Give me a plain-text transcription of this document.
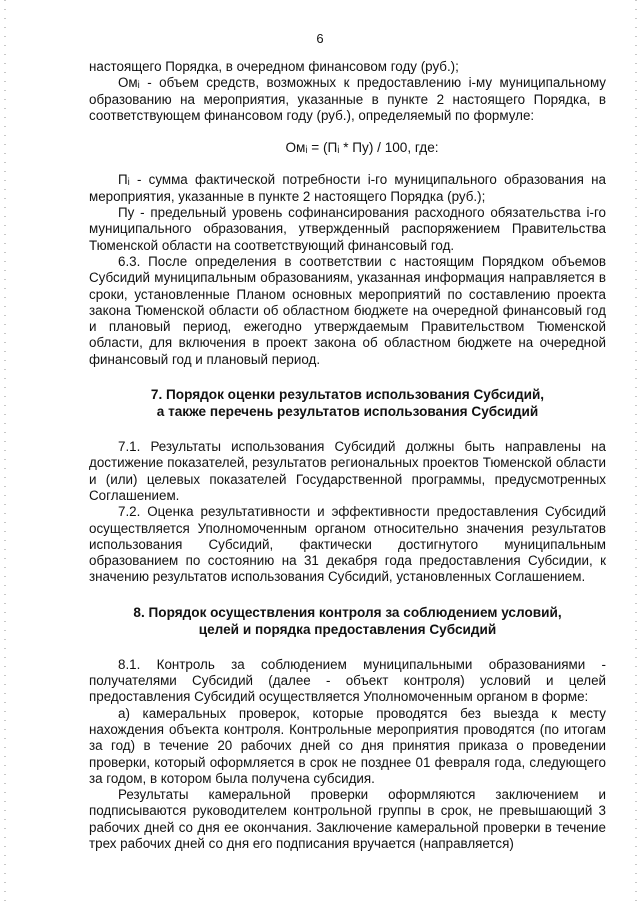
6

настоящего Порядка, в очередном финансовом году (руб.);

Омᵢ - объем средств, возможных к предоставлению i-му муниципальному образованию на мероприятия, указанные в пункте 2 настоящего Порядка, в соответствующем финансовом году (руб.), определяемый по формуле:

Омᵢ = (Пᵢ * Пу) / 100, где:

Пᵢ - сумма фактической потребности i-го муниципального образования на мероприятия, указанные в пункте 2 настоящего Порядка (руб.);

Пу - предельный уровень софинансирования расходного обязательства i-го муниципального образования, утвержденный распоряжением Правительства Тюменской области на соответствующий финансовый год.

6.3. После определения в соответствии с настоящим Порядком объемов Субсидий муниципальным образованиям, указанная информация направляется в сроки, установленные Планом основных мероприятий по составлению проекта закона Тюменской области об областном бюджете на очередной финансовый год и плановый период, ежегодно утверждаемым Правительством Тюменской области, для включения в проект закона об областном бюджете на очередной финансовый год и плановый период.

7. Порядок оценки результатов использования Субсидий,
а также перечень результатов использования Субсидий

7.1. Результаты использования Субсидий должны быть направлены на достижение показателей, результатов региональных проектов Тюменской области и (или) целевых показателей Государственной программы, предусмотренных Соглашением.

7.2. Оценка результативности и эффективности предоставления Субсидий осуществляется Уполномоченным органом относительно значения результатов использования Субсидий, фактически достигнутого муниципальным образованием по состоянию на 31 декабря года предоставления Субсидии, к значению результатов использования Субсидий, установленных Соглашением.

8. Порядок осуществления контроля за соблюдением условий,
целей и порядка предоставления Субсидий

8.1. Контроль за соблюдением муниципальными образованиями - получателями Субсидий (далее - объект контроля) условий и целей предоставления Субсидий осуществляется Уполномоченным органом в форме:

а) камеральных проверок, которые проводятся без выезда к месту нахождения объекта контроля. Контрольные мероприятия проводятся (по итогам за год) в течение 20 рабочих дней со дня принятия приказа о проведении проверки, который оформляется в срок не позднее 01 февраля года, следующего за годом, в котором была получена субсидия.

Результаты камеральной проверки оформляются заключением и подписываются руководителем контрольной группы в срок, не превышающий 3 рабочих дней со дня ее окончания. Заключение камеральной проверки в течение трех рабочих дней со дня его подписания вручается (направляется)
